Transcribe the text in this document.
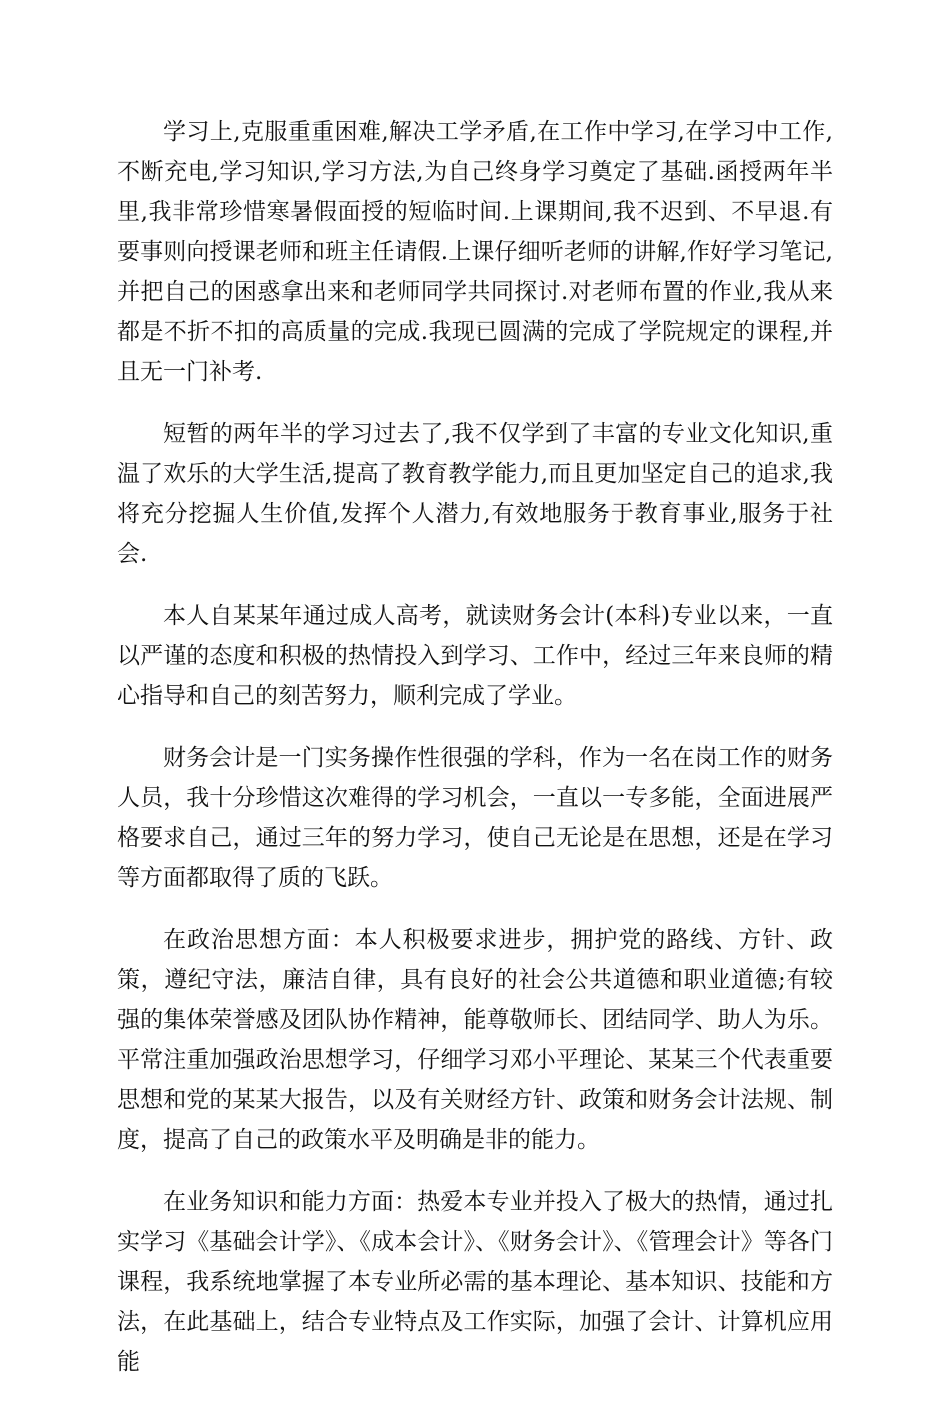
学习上,克服重重困难,解决工学矛盾,在工作中学习,在学习中工作,不断充电,学习知识,学习方法,为自己终身学习奠定了基础.函授两年半里,我非常珍惜寒暑假面授的短临时间.上课期间,我不迟到、不早退.有要事则向授课老师和班主任请假.上课仔细听老师的讲解,作好学习笔记,并把自己的困惑拿出来和老师同学共同探讨.对老师布置的作业,我从来都是不折不扣的高质量的完成.我现已圆满的完成了学院规定的课程,并且无一门补考.

短暂的两年半的学习过去了,我不仅学到了丰富的专业文化知识,重温了欢乐的大学生活,提高了教育教学能力,而且更加坚定自己的追求,我将充分挖掘人生价值,发挥个人潜力,有效地服务于教育事业,服务于社会.

本人自某某年通过成人高考，就读财务会计(本科)专业以来，一直以严谨的态度和积极的热情投入到学习、工作中，经过三年来良师的精心指导和自己的刻苦努力，顺利完成了学业。

财务会计是一门实务操作性很强的学科，作为一名在岗工作的财务人员，我十分珍惜这次难得的学习机会，一直以一专多能，全面进展严格要求自己，通过三年的努力学习，使自己无论是在思想，还是在学习等方面都取得了质的飞跃。

在政治思想方面：本人积极要求进步，拥护党的路线、方针、政策，遵纪守法，廉洁自律，具有良好的社会公共道德和职业道德;有较强的集体荣誉感及团队协作精神，能尊敬师长、团结同学、助人为乐。平常注重加强政治思想学习，仔细学习邓小平理论、某某三个代表重要思想和党的某某大报告，以及有关财经方针、政策和财务会计法规、制度，提高了自己的政策水平及明确是非的能力。

在业务知识和能力方面：热爱本专业并投入了极大的热情，通过扎实学习《基础会计学》、《成本会计》、《财务会计》、《管理会计》等各门课程，我系统地掌握了本专业所必需的基本理论、基本知识、技能和方法，在此基础上，结合专业特点及工作实际，加强了会计、计算机应用能
